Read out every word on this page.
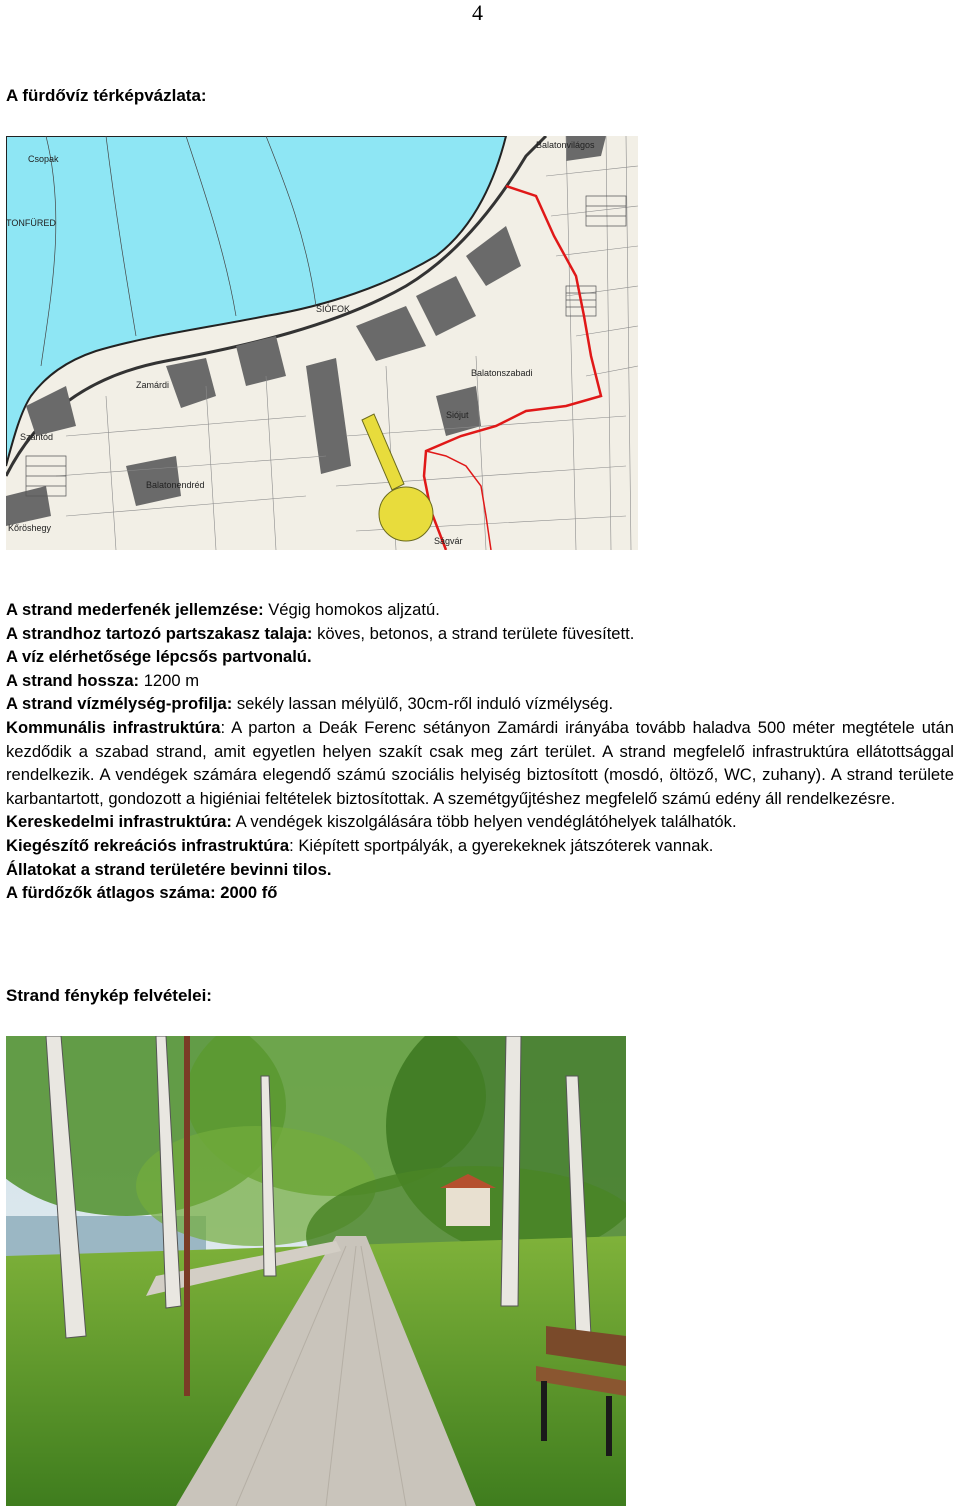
4
A fürdővíz térképvázlata:
Csopak
TONFÜRED
Balatonvilágos
SIÓFOK
Balatonszabadi
Zamárdi
Siójut
Szántód
Balatonendréd
Kőröshegy
Ságvár

A strand mederfenék jellemzése: Végig homokos aljzatú.

A strandhoz tartozó partszakasz talaja: köves, betonos, a strand területe füvesített.

A víz elérhetősége lépcsős partvonalú.

A strand hossza: 1200 m

A strand vízmélység-profilja: sekély lassan mélyülő, 30cm-ről induló vízmélység.

Kommunális infrastruktúra: A parton a Deák Ferenc sétányon Zamárdi irányába tovább haladva 500 méter megtétele után kezdődik a szabad strand, amit egyetlen helyen szakít csak meg zárt terület. A strand megfelelő infrastruktúra ellátottsággal rendelkezik. A vendégek számára elegendő számú szociális helyiség biztosított (mosdó, öltöző, WC, zuhany). A strand területe karbantartott, gondozott a higiéniai feltételek biztosítottak. A szemétgyűjtéshez megfelelő számú edény áll rendelkezésre.

Kereskedelmi infrastruktúra: A vendégek kiszolgálására több helyen vendéglátóhelyek találhatók.

Kiegészítő rekreációs infrastruktúra: Kiépített sportpályák, a gyerekeknek játszóterek vannak.

Állatokat a strand területére bevinni tilos.

A fürdőzők átlagos száma: 2000 fő

Strand fénykép felvételei:
